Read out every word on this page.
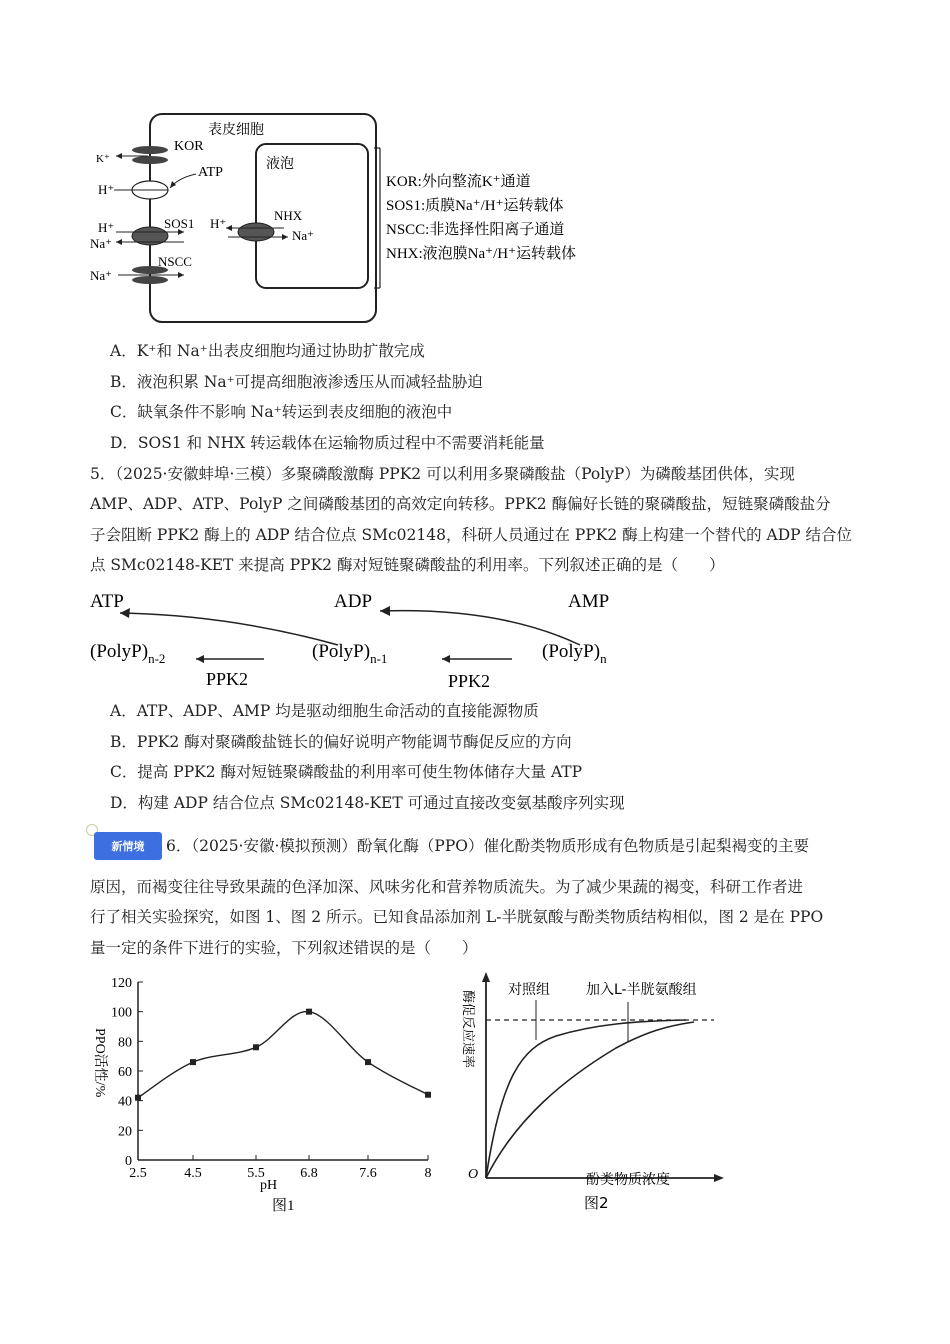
表皮细胞
液泡
KOR
K⁺
ATP
H⁺
SOS1
H⁺
Na⁺
NSCC
Na⁺
NHX
H⁺
Na⁺
KOR:外向整流K⁺通道
SOS1:质膜Na⁺/H⁺运转载体
NSCC:非选择性阳离子通道
NHX:液泡膜Na⁺/H⁺运转载体
A．K⁺和 Na⁺出表皮细胞均通过协助扩散完成
B．液泡积累 Na⁺可提高细胞液渗透压从而减轻盐胁迫
C．缺氧条件不影响 Na⁺转运到表皮细胞的液泡中
D．SOS1 和 NHX 转运载体在运输物质过程中不需要消耗能量
5．（2025·安徽蚌埠·三模）多聚磷酸激酶 PPK2 可以利用多聚磷酸盐（PolyP）为磷酸基团供体，实现
AMP、ADP、ATP、PolyP 之间磷酸基团的高效定向转移。PPK2 酶偏好长链的聚磷酸盐，短链聚磷酸盐分
子会阻断 PPK2 酶上的 ADP 结合位点 SMc02148，科研人员通过在 PPK2 酶上构建一个替代的 ADP 结合位
点 SMc02148-KET 来提高 PPK2 酶对短链聚磷酸盐的利用率。下列叙述正确的是（　　）
ATP	ADP	AMP
$(PolyP)_{n-2}$	$(PolyP)_{n-1}$	$(PolyP)_n$
PPK2	PPK2
A．ATP、ADP、AMP 均是驱动细胞生命活动的直接能源物质
B．PPK2 酶对聚磷酸盐链长的偏好说明产物能调节酶促反应的方向
C．提高 PPK2 酶对短链聚磷酸盐的利用率可使生物体储存大量 ATP
D．构建 ADP 结合位点 SMc02148-KET 可通过直接改变氨基酸序列实现
新情境	6．（2025·安徽·模拟预测）酚氧化酶（PPO）催化酚类物质形成有色物质是引起梨褐变的主要
原因，而褐变往往导致果蔬的色泽加深、风味劣化和营养物质流失。为了减少果蔬的褐变，科研工作者进
行了相关实验探究，如图 1、图 2 所示。已知食品添加剂 L-半胱氨酸与酚类物质结构相似，图 2 是在 PPO
量一定的条件下进行的实验，下列叙述错误的是（　　）
0
20
40
60
80
100
120
2.5	4.5	5.5	6.8	7.6	8
PPO活性/%
pH
图1
对照组	加入L-半胱氨酸组
酶促反应速率
O	酚类物质浓度
图2
